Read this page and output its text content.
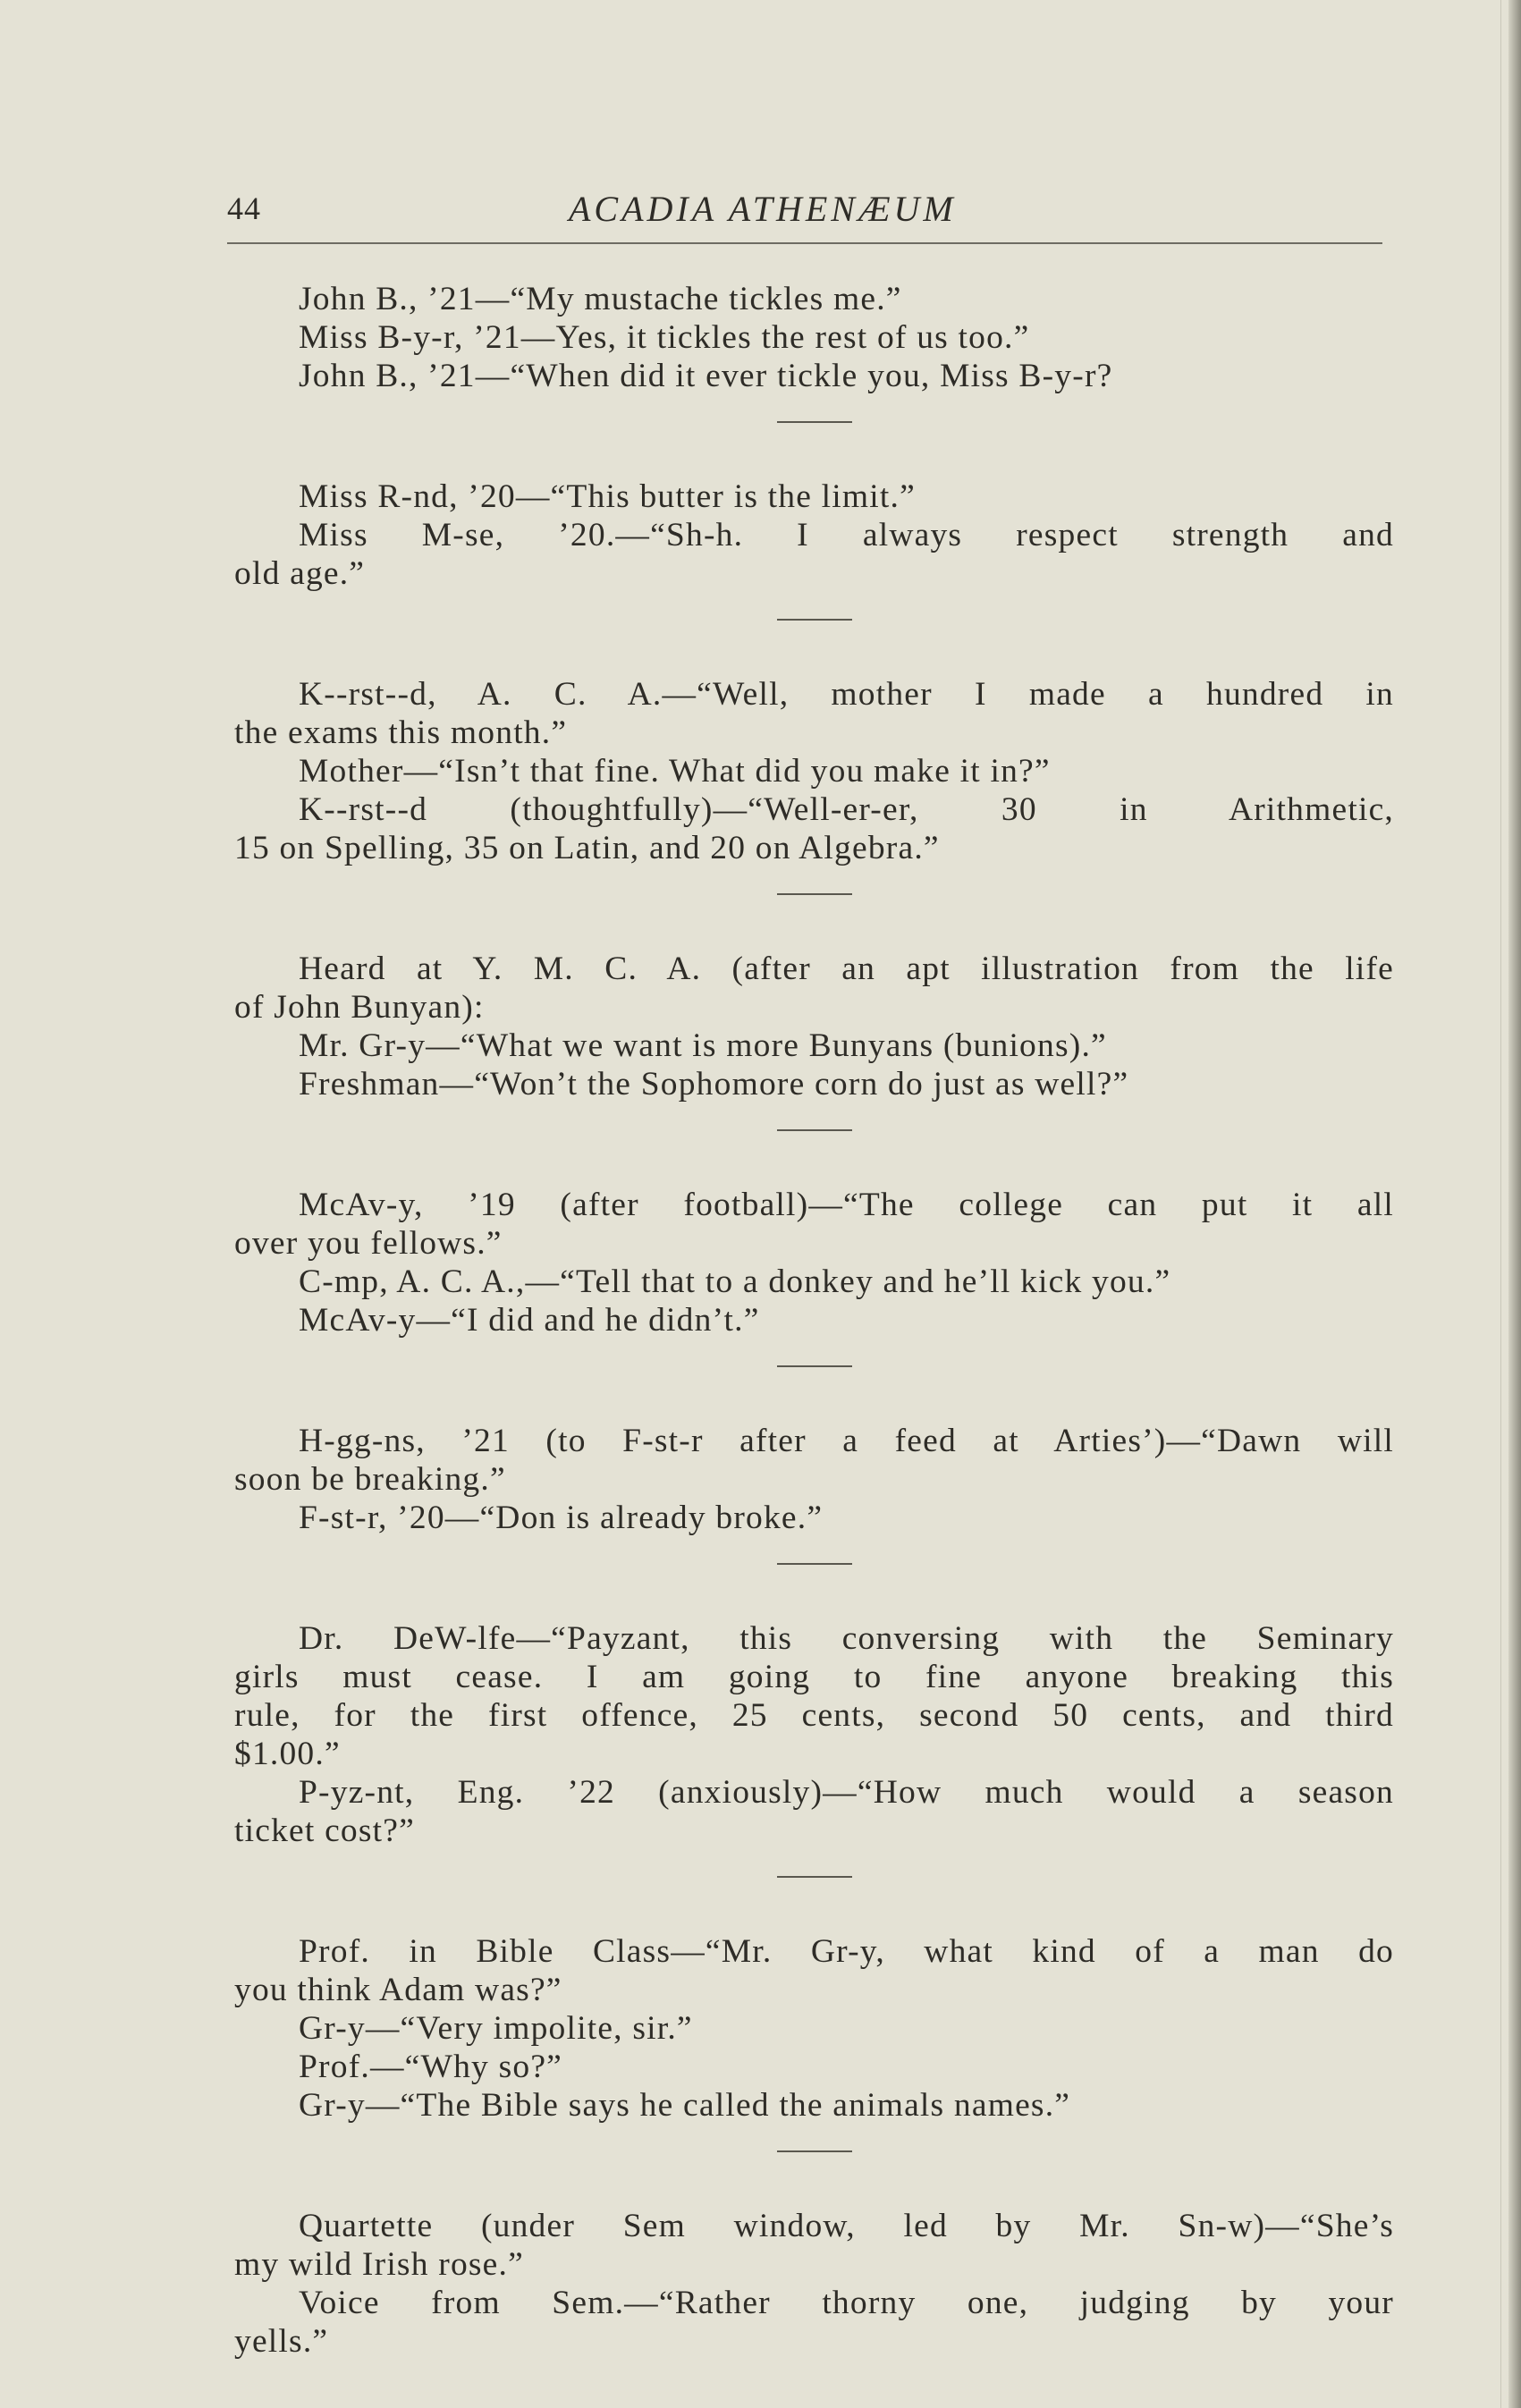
44	ACADIA ATHENÆUM
John B., ’21—“My mustache tickles me.”
Miss B-y-r, ’21—Yes, it tickles the rest of us too.”
John B., ’21—“When did it ever tickle you, Miss B-y-r?
Miss R-nd, ’20—“This butter is the limit.”
Miss M-se, ’20.—“Sh-h. I always respect strength and
old age.”
K--rst--d, A. C. A.—“Well, mother I made a hundred in
the exams this month.”
Mother—“Isn’t that fine. What did you make it in?”
K--rst--d (thoughtfully)—“Well-er-er, 30 in Arithmetic,
15 on Spelling, 35 on Latin, and 20 on Algebra.”
Heard at Y. M. C. A. (after an apt illustration from the life
of John Bunyan):
Mr. Gr-y—“What we want is more Bunyans (bunions).”
Freshman—“Won’t the Sophomore corn do just as well?”
McAv-y, ’19 (after football)—“The college can put it all
over you fellows.”
C-mp, A. C. A.,—“Tell that to a donkey and he’ll kick you.”
McAv-y—“I did and he didn’t.”
H-gg-ns, ’21 (to F-st-r after a feed at Arties’)—“Dawn will
soon be breaking.”
F-st-r, ’20—“Don is already broke.”
Dr. DeW-lfe—“Payzant, this conversing with the Seminary
girls must cease. I am going to fine anyone breaking this
rule, for the first offence, 25 cents, second 50 cents, and third
$1.00.”
P-yz-nt, Eng. ’22 (anxiously)—“How much would a season
ticket cost?”
Prof. in Bible Class—“Mr. Gr-y, what kind of a man do
you think Adam was?”
Gr-y—“Very impolite, sir.”
Prof.—“Why so?”
Gr-y—“The Bible says he called the animals names.”
Quartette (under Sem window, led by Mr. Sn-w)—“She’s
my wild Irish rose.”
Voice from Sem.—“Rather thorny one, judging by your
yells.”
